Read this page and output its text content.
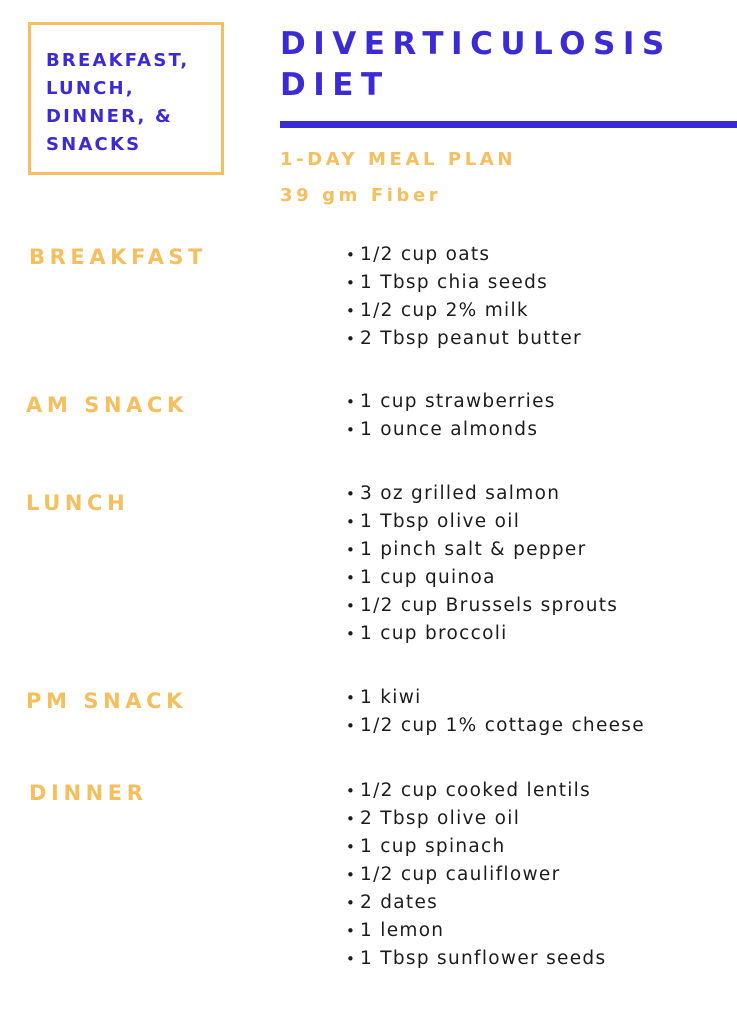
BREAKFAST,
LUNCH,
DINNER, &
SNACKS
DIVERTICULOSIS
DIET
1-DAY MEAL PLAN
39 gm Fiber
BREAKFAST	• 1/2 cup oats
• 1 Tbsp chia seeds
• 1/2 cup 2% milk
• 2 Tbsp peanut butter
AM SNACK	• 1 cup strawberries
• 1 ounce almonds
LUNCH	• 3 oz grilled salmon
• 1 Tbsp olive oil
• 1 pinch salt & pepper
• 1 cup quinoa
• 1/2 cup Brussels sprouts
• 1 cup broccoli
PM SNACK	• 1 kiwi
• 1/2 cup 1% cottage cheese
DINNER	• 1/2 cup cooked lentils
• 2 Tbsp olive oil
• 1 cup spinach
• 1/2 cup cauliflower
• 2 dates
• 1 lemon
• 1 Tbsp sunflower seeds
